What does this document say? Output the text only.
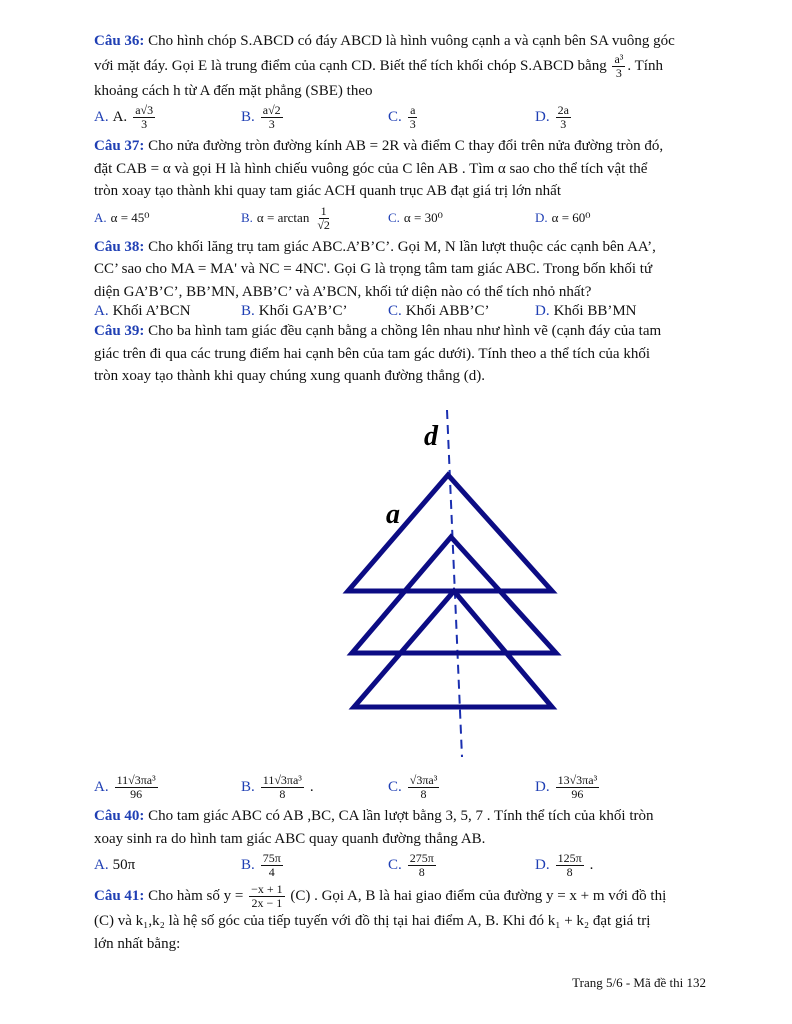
Câu 36: Cho hình chóp S.ABCD có đáy ABCD là hình vuông cạnh a và cạnh bên SA vuông góc
với mặt đáy. Gọi E là trung điểm của cạnh CD. Biết thể tích khối chóp S.ABCD bằng $\frac{\text{a³}}{3}$ . Tính
khoảng cách h từ A đến mặt phẳng (SBE) theo
A. A. $\frac{a√3}{3}$	B. $\frac{a√2}{3}$	C. $\frac{a}{3}$	D. $\frac{2a}{3}$
Câu 37: Cho nửa đường tròn đường kính AB = 2R và điểm C thay đổi trên nửa đường tròn đó,
đặt CAB = α và gọi H là hình chiếu vuông góc của C lên AB . Tìm α sao cho thể tích vật thể
tròn xoay tạo thành khi quay tam giác ACH quanh trục AB đạt giá trị lớn nhất
A. α = 45⁰	B. $\alpha = \arctan \frac{1}{√2}$	C. α = 30⁰	D. α = 60⁰
Câu 38: Cho khối lăng trụ tam giác ABC.A’B’C’. Gọi M, N lần lượt thuộc các cạnh bên AA’,
CC’ sao cho MA = MA' và NC = 4NC'. Gọi G là trọng tâm tam giác ABC. Trong bốn khối tứ
diện GA’B’C’, BB’MN, ABB’C’ và A’BCN, khối tứ diện nào có thể tích nhỏ nhất?
A. Khối A’BCN	B. Khối GA’B’C’	C. Khối ABB’C’	D. Khối BB’MN
Câu 39: Cho ba hình tam giác đều cạnh bằng a chồng lên nhau như hình vẽ (cạnh đáy của tam
giác trên đi qua các trung điểm hai cạnh bên của tam gác dưới). Tính theo a thể tích của khối
tròn xoay tạo thành khi quay chúng xung quanh đường thẳng (d).
d
a
A. $\frac{\text{11√3πa³}}{96}$	B. $\frac{\text{11√3πa³}}{8}$ .	C. $\frac{\text{√3πa³}}{8}$	D. $\frac{\text{13√3πa³}}{96}$
Câu 40: Cho tam giác ABC có AB ,BC, CA lần lượt bằng 3, 5, 7 . Tính thể tích của khối tròn
xoay sinh ra do hình tam giác ABC quay quanh đường thẳng AB.
A. 50π	B. $\frac{75\pi}{4}$	C. $\frac{275\pi}{8}$	D. $\frac{125\pi}{8}$ .
Câu 41: Cho hàm số $y = \frac{-x + 1}{2x - 1} (C)$ . Gọi A, B là hai giao điểm của đường y = x + m với đồ thị
(C) và k₁,k₂ là hệ số góc của tiếp tuyến với đồ thị tại hai điểm A, B. Khi đó k₁ + k₂ đạt giá trị
lớn nhất bằng:
Trang 5/6 - Mã đề thi 132
